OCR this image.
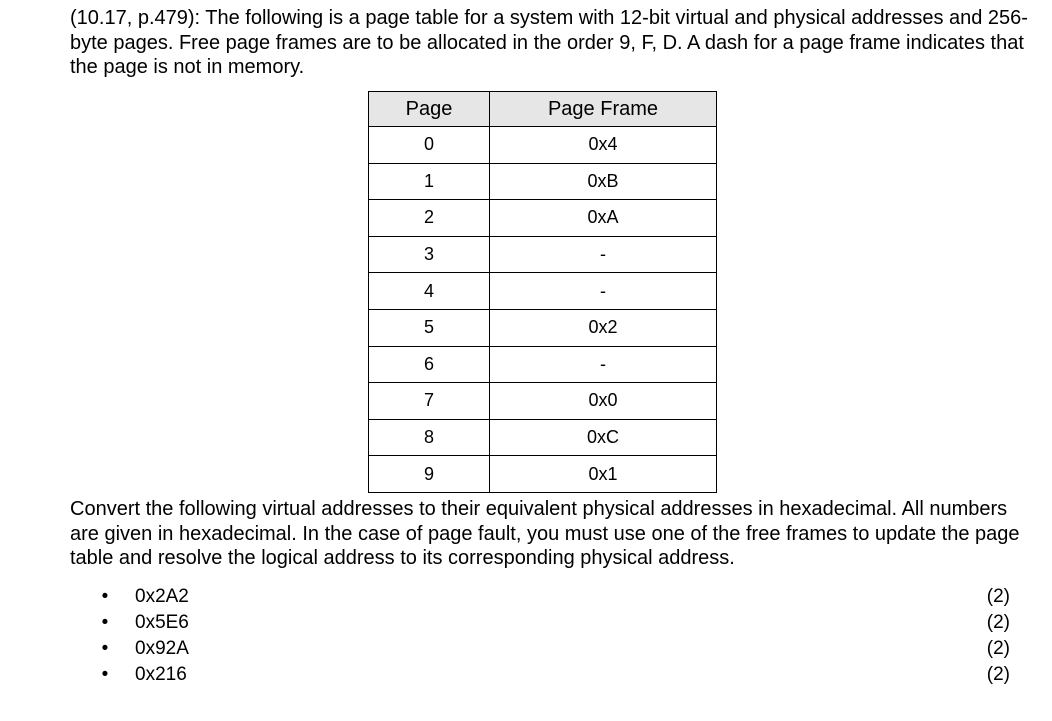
(10.17, p.479): The following is a page table for a system with 12-bit virtual and physical addresses and 256-byte pages. Free page frames are to be allocated in the order 9, F, D. A dash for a page frame indicates that the page is not in memory.

Page	Page Frame
0	0x4
1	0xB
2	0xA
3	-
4	-
5	0x2
6	-
7	0x0
8	0xC
9	0x1

Convert the following virtual addresses to their equivalent physical addresses in hexadecimal. All numbers are given in hexadecimal. In the case of page fault, you must use one of the free frames to update the page table and resolve the logical address to its corresponding physical address.

• 0x2A2	(2)
• 0x5E6	(2)
• 0x92A	(2)
• 0x216	(2)
